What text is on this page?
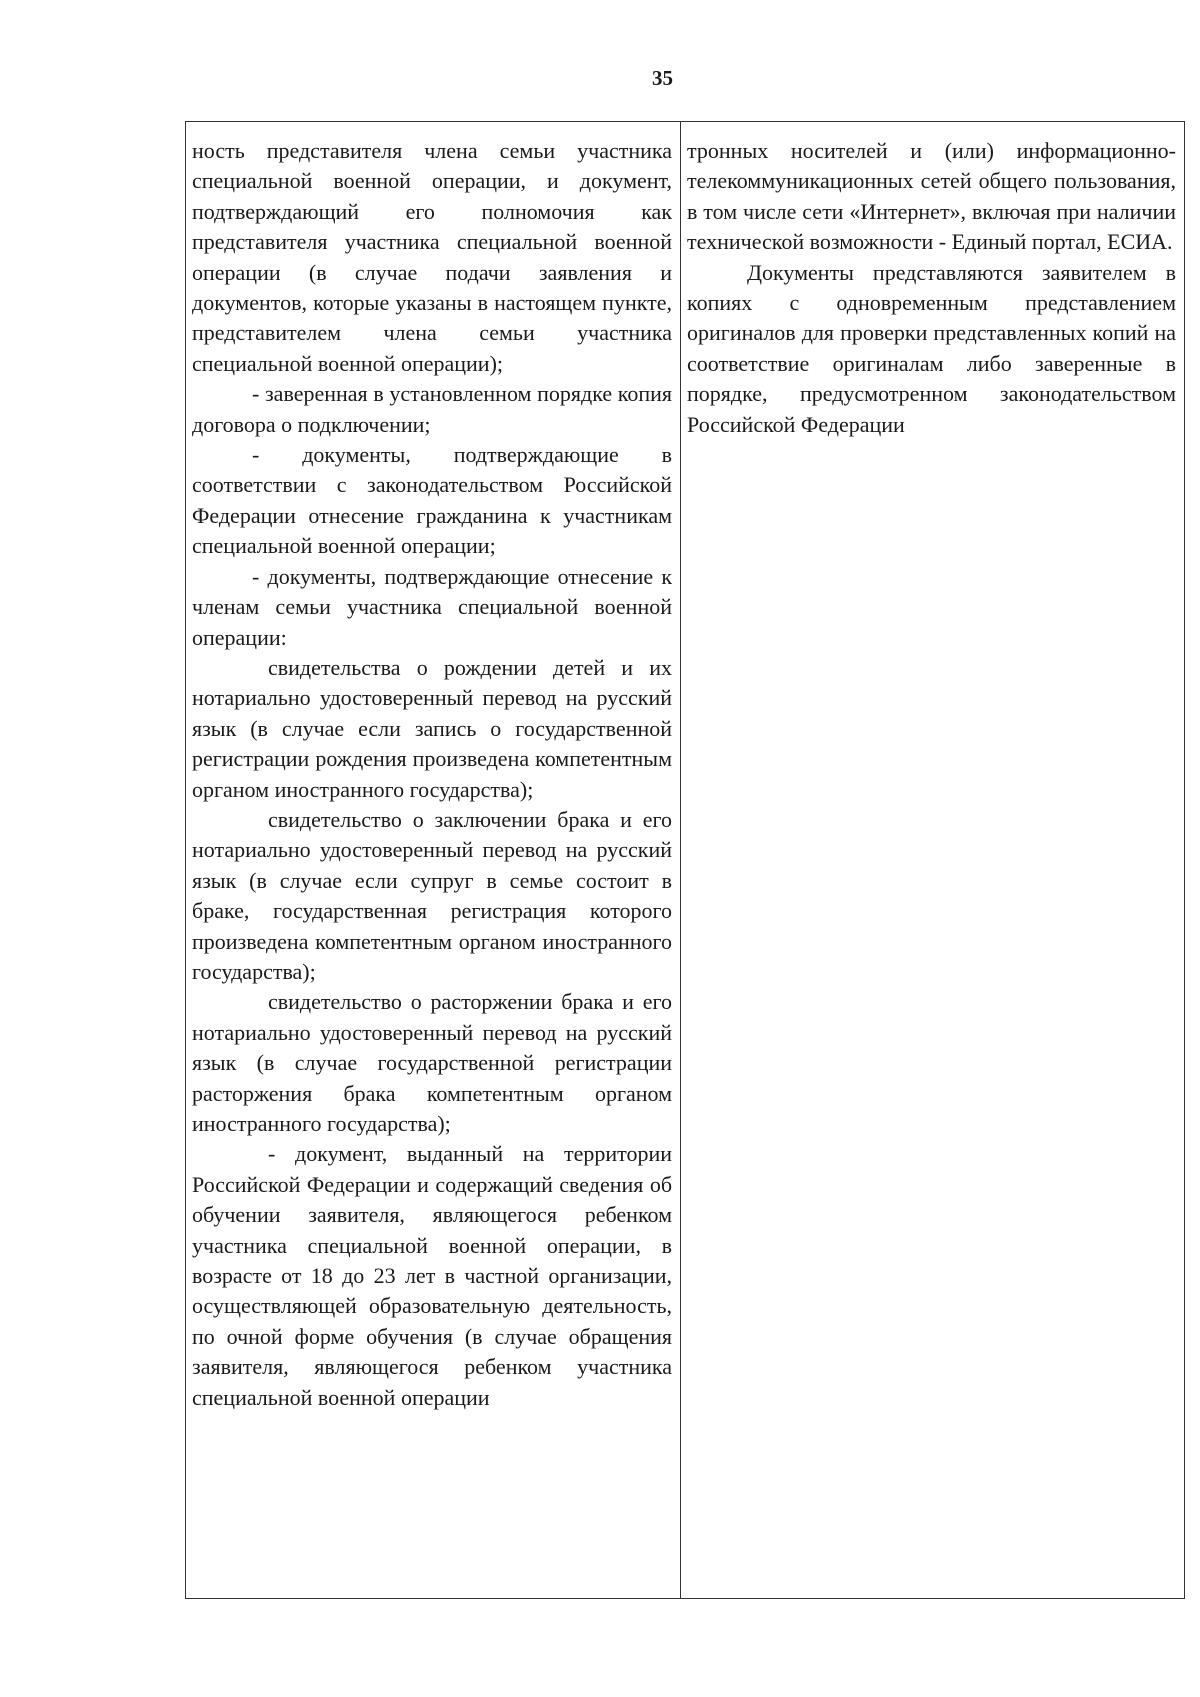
35

ность представителя члена семьи участника специальной военной операции, и документ, подтверждающий его полномочия как представителя участника специальной военной операции (в случае подачи заявления и документов, которые указаны в настоящем пункте, представителем члена семьи участника специальной военной операции);

- заверенная в установленном порядке копия договора о подключении;

- документы, подтверждающие в соответствии с законодательством Российской Федерации отнесение гражданина к участникам специальной военной операции;

- документы, подтверждающие отнесение к членам семьи участника специальной военной операции:

свидетельства о рождении детей и их нотариально удостоверенный перевод на русский язык (в случае если запись о государственной регистрации рождения произведена компетентным органом иностранного государства);

свидетельство о заключении брака и его нотариально удостоверенный перевод на русский язык (в случае если супруг в семье состоит в браке, государственная регистрация которого произведена компетентным органом иностранного государства);

свидетельство о расторжении брака и его нотариально удостоверенный перевод на русский язык (в случае государственной регистрации расторжения брака компетентным органом иностранного государства);

- документ, выданный на территории Российской Федерации и содержащий сведения об обучении заявителя, являющегося ребенком участника специальной военной операции, в возрасте от 18 до 23 лет в частной организации, осуществляющей образовательную деятельность, по очной форме обучения (в случае обращения заявителя, являющегося ребенком участника специальной военной операции

тронных носителей и (или) информационно-телекоммуникационных сетей общего пользования, в том числе сети «Интернет», включая при наличии технической возможности - Единый портал, ЕСИА.

Документы представляются заявителем в копиях с одновременным представлением оригиналов для проверки представленных копий на соответствие оригиналам либо заверенные в порядке, предусмотренном законодательством Российской Федерации
